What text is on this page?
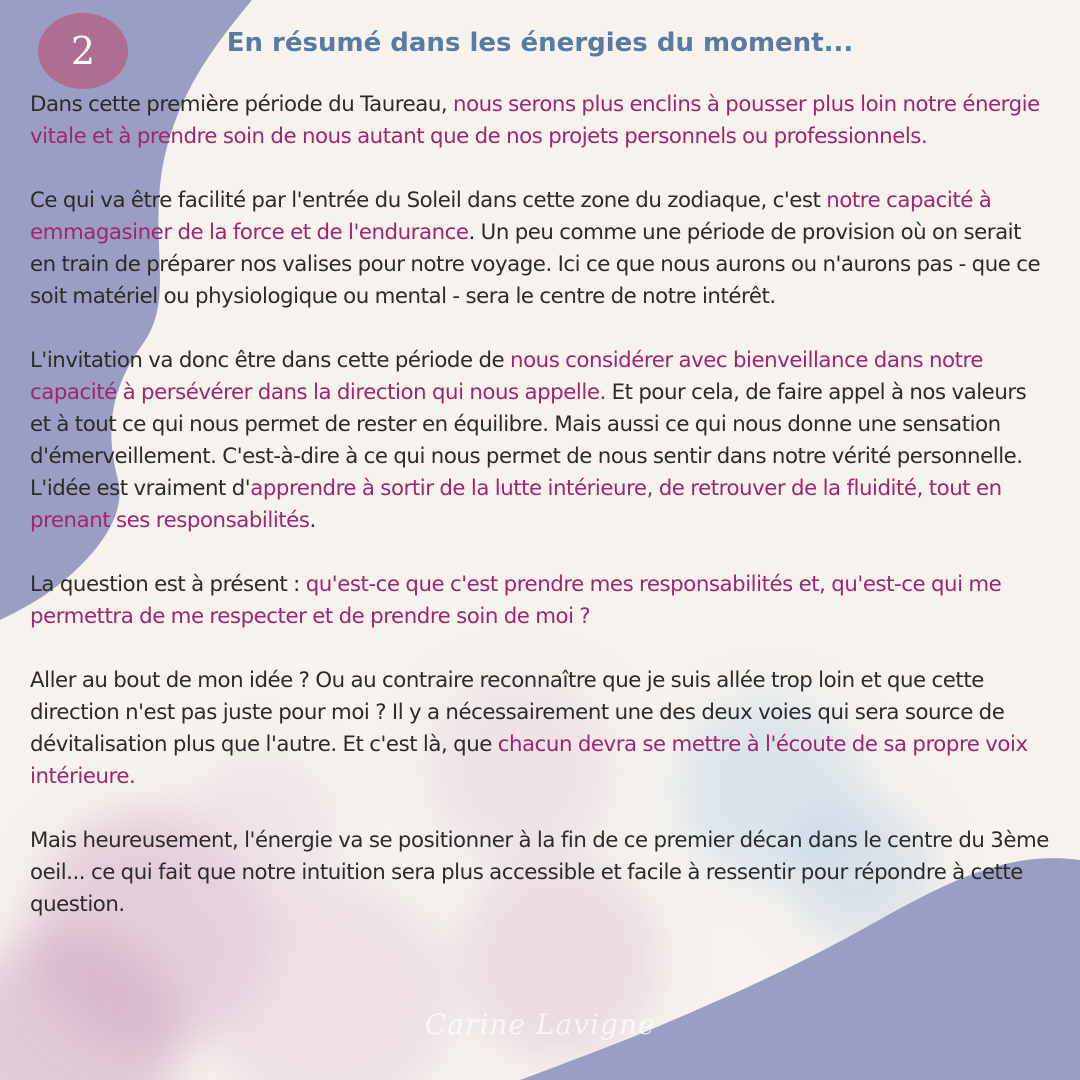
2	En résumé dans les énergies du moment...

Dans cette première période du Taureau, nous serons plus enclins à pousser plus loin notre énergie vitale et à prendre soin de nous autant que de nos projets personnels ou professionnels.

Ce qui va être facilité par l'entrée du Soleil dans cette zone du zodiaque, c'est notre capacité à emmagasiner de la force et de l'endurance. Un peu comme une période de provision où on serait en train de préparer nos valises pour notre voyage. Ici ce que nous aurons ou n'aurons pas - que ce soit matériel ou physiologique ou mental - sera le centre de notre intérêt.

L'invitation va donc être dans cette période de nous considérer avec bienveillance dans notre capacité à persévérer dans la direction qui nous appelle. Et pour cela, de faire appel à nos valeurs et à tout ce qui nous permet de rester en équilibre. Mais aussi ce qui nous donne une sensation d'émerveillement. C'est-à-dire à ce qui nous permet de nous sentir dans notre vérité personnelle. L'idée est vraiment d'apprendre à sortir de la lutte intérieure, de retrouver de la fluidité, tout en prenant ses responsabilités.

La question est à présent : qu'est-ce que c'est prendre mes responsabilités et, qu'est-ce qui me permettra de me respecter et de prendre soin de moi ?

Aller au bout de mon idée ? Ou au contraire reconnaître que je suis allée trop loin et que cette direction n'est pas juste pour moi ? Il y a nécessairement une des deux voies qui sera source de dévitalisation plus que l'autre. Et c'est là, que chacun devra se mettre à l'écoute de sa propre voix intérieure.

Mais heureusement, l'énergie va se positionner à la fin de ce premier décan dans le centre du 3ème oeil... ce qui fait que notre intuition sera plus accessible et facile à ressentir pour répondre à cette question.

Carine Lavigne
